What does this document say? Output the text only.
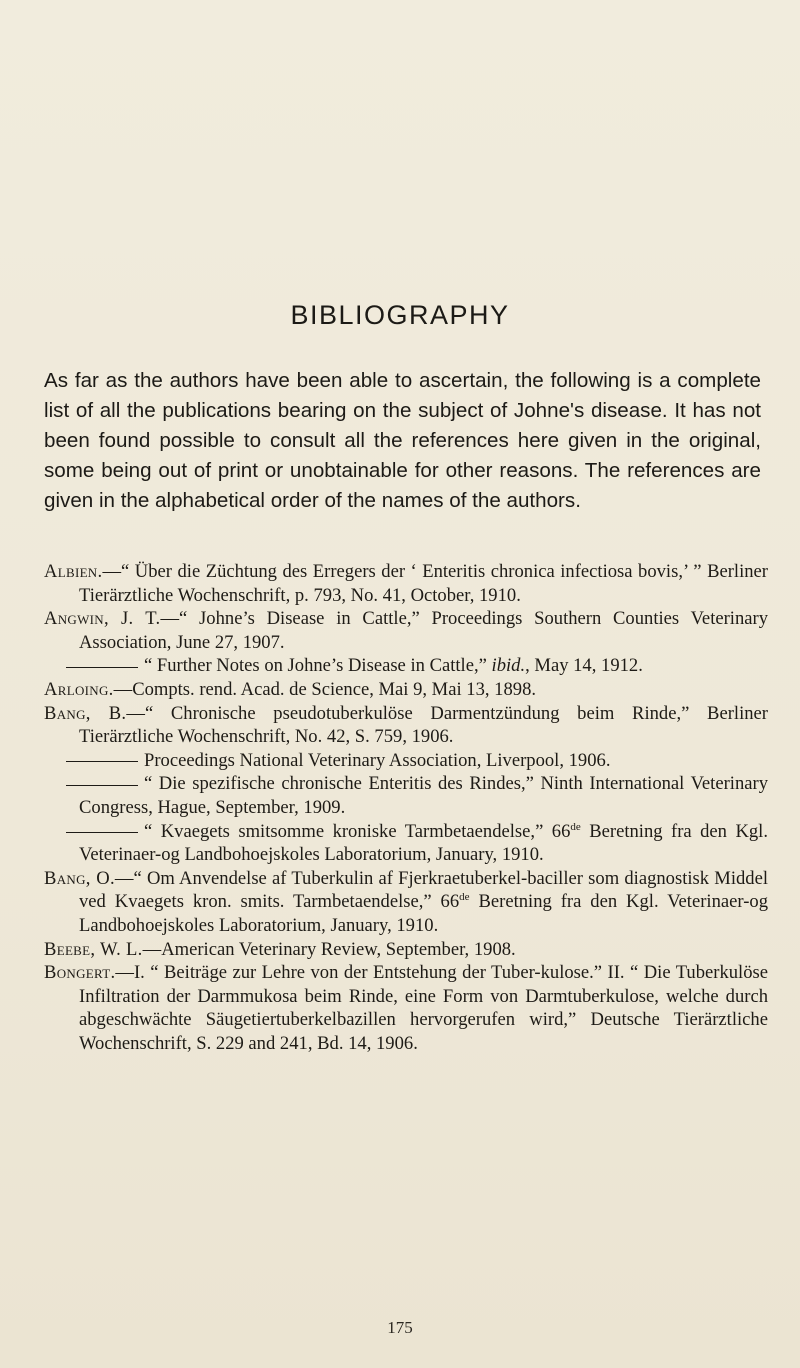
BIBLIOGRAPHY

As far as the authors have been able to ascertain, the following is a complete list of all the publications bearing on the subject of Johne's disease. It has not been found possible to consult all the references here given in the original, some being out of print or unobtainable for other reasons. The references are given in the alphabetical order of the names of the authors.

Albien.—“ Über die Züchtung des Erregers der ‘ Enteritis chronica infectiosa bovis,’ ” Berliner Tierärztliche Wochenschrift, p. 793, No. 41, October, 1910.
Angwin, J. T.—“ Johne’s Disease in Cattle,” Proceedings Southern Counties Veterinary Association, June 27, 1907.
“ Further Notes on Johne’s Disease in Cattle,” ibid., May 14, 1912.
Arloing.—Compts. rend. Acad. de Science, Mai 9, Mai 13, 1898.
Bang, B.—“ Chronische pseudotuberkulöse Darmentzündung beim Rinde,” Berliner Tierärztliche Wochenschrift, No. 42, S. 759, 1906.
Proceedings National Veterinary Association, Liverpool, 1906.
“ Die spezifische chronische Enteritis des Rindes,” Ninth International Veterinary Congress, Hague, September, 1909.
“ Kvaegets smitsomme kroniske Tarmbetaendelse,” 66de Beretning fra den Kgl. Veterinaer-og Landbohoejskoles Laboratorium, January, 1910.
Bang, O.—“ Om Anvendelse af Tuberkulin af Fjerkraetuberkel-baciller som diagnostisk Middel ved Kvaegets kron. smits. Tarmbetaendelse,” 66de Beretning fra den Kgl. Veterinaer-og Landbohoejskoles Laboratorium, January, 1910.
Beebe, W. L.—American Veterinary Review, September, 1908.
Bongert.—I. “ Beiträge zur Lehre von der Entstehung der Tuber-kulose.” II. “ Die Tuberkulöse Infiltration der Darmmukosa beim Rinde, eine Form von Darmtuberkulose, welche durch abgeschwächte Säugetiertuberkelbazillen hervorgerufen wird,” Deutsche Tierärztliche Wochenschrift, S. 229 and 241, Bd. 14, 1906.
175
